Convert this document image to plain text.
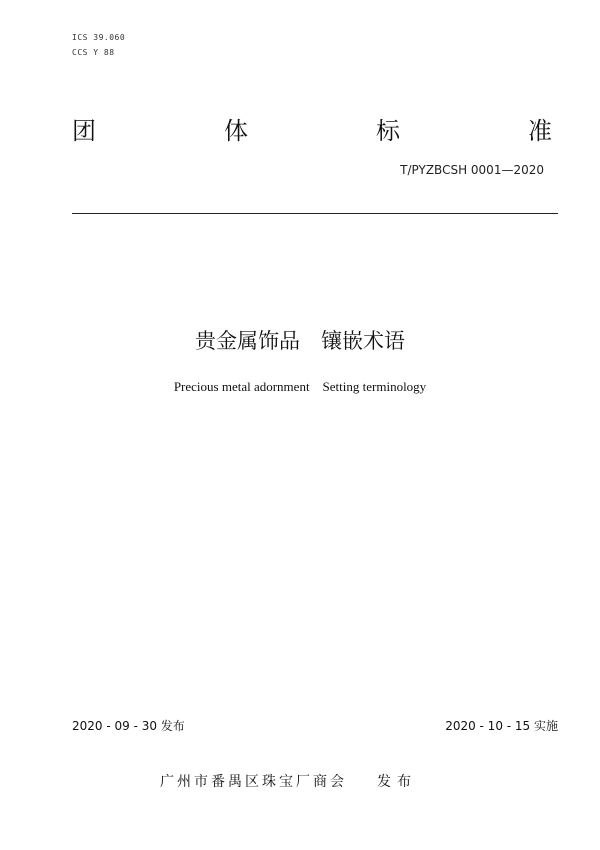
ICS 39.060
CCS Y 88
团	体	标	准
T/PYZBCSH 0001—2020
贵金属饰品　镶嵌术语
Precious metal adornment    Setting terminology
2020 - 09 - 30 发布	2020 - 10 - 15 实施
广州市番禺区珠宝厂商会 发布
